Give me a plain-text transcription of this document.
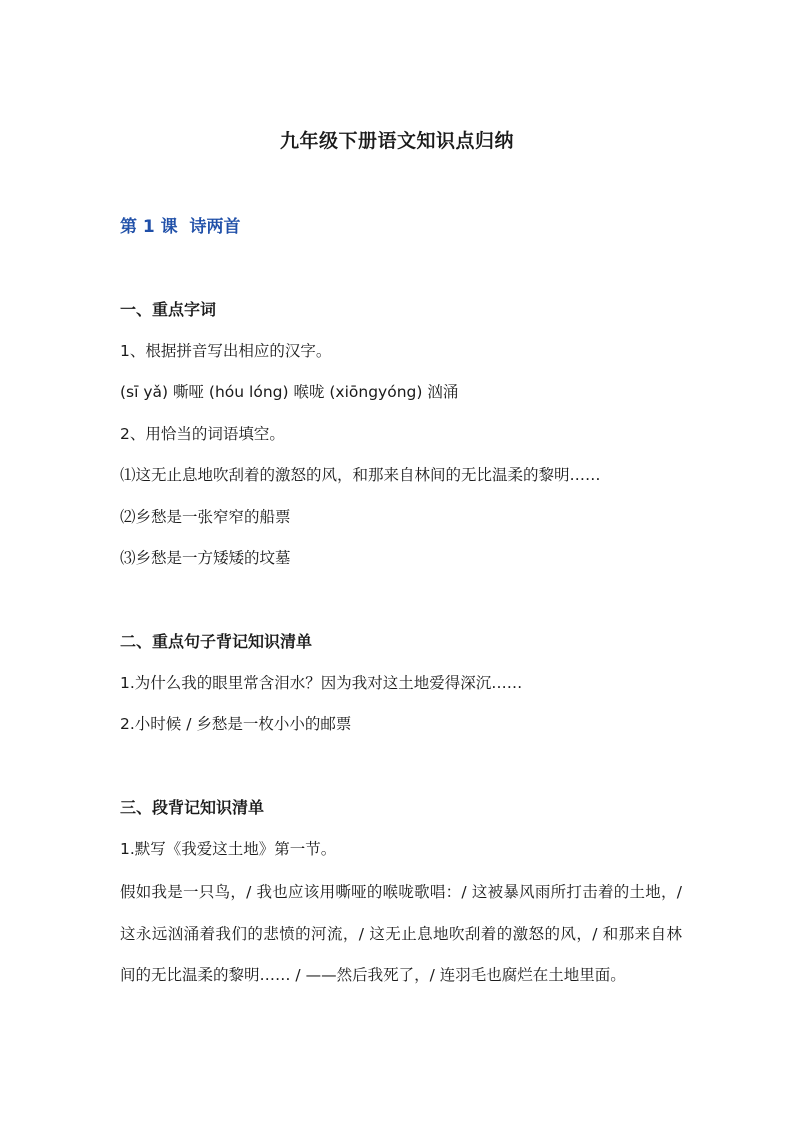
九年级下册语文知识点归纳
第 1 课  诗两首
一、重点字词

1、根据拼音写出相应的汉字。

(sī yǎ) 嘶哑 (hóu lóng) 喉咙 (xiōngyóng) 汹涌

2、用恰当的词语填空。

⑴这无止息地吹刮着的激怒的风，和那来自林间的无比温柔的黎明……

⑵乡愁是一张窄窄的船票

⑶乡愁是一方矮矮的坟墓

二、重点句子背记知识清单

1.为什么我的眼里常含泪水？因为我对这土地爱得深沉……

2.小时候 / 乡愁是一枚小小的邮票

三、段背记知识清单

1.默写《我爱这土地》第一节。

假如我是一只鸟，/ 我也应该用嘶哑的喉咙歌唱：/ 这被暴风雨所打击着的土地，/ 这永远汹涌着我们的悲愤的河流，/ 这无止息地吹刮着的激怒的风，/ 和那来自林间的无比温柔的黎明…… / ——然后我死了，/ 连羽毛也腐烂在土地里面。
